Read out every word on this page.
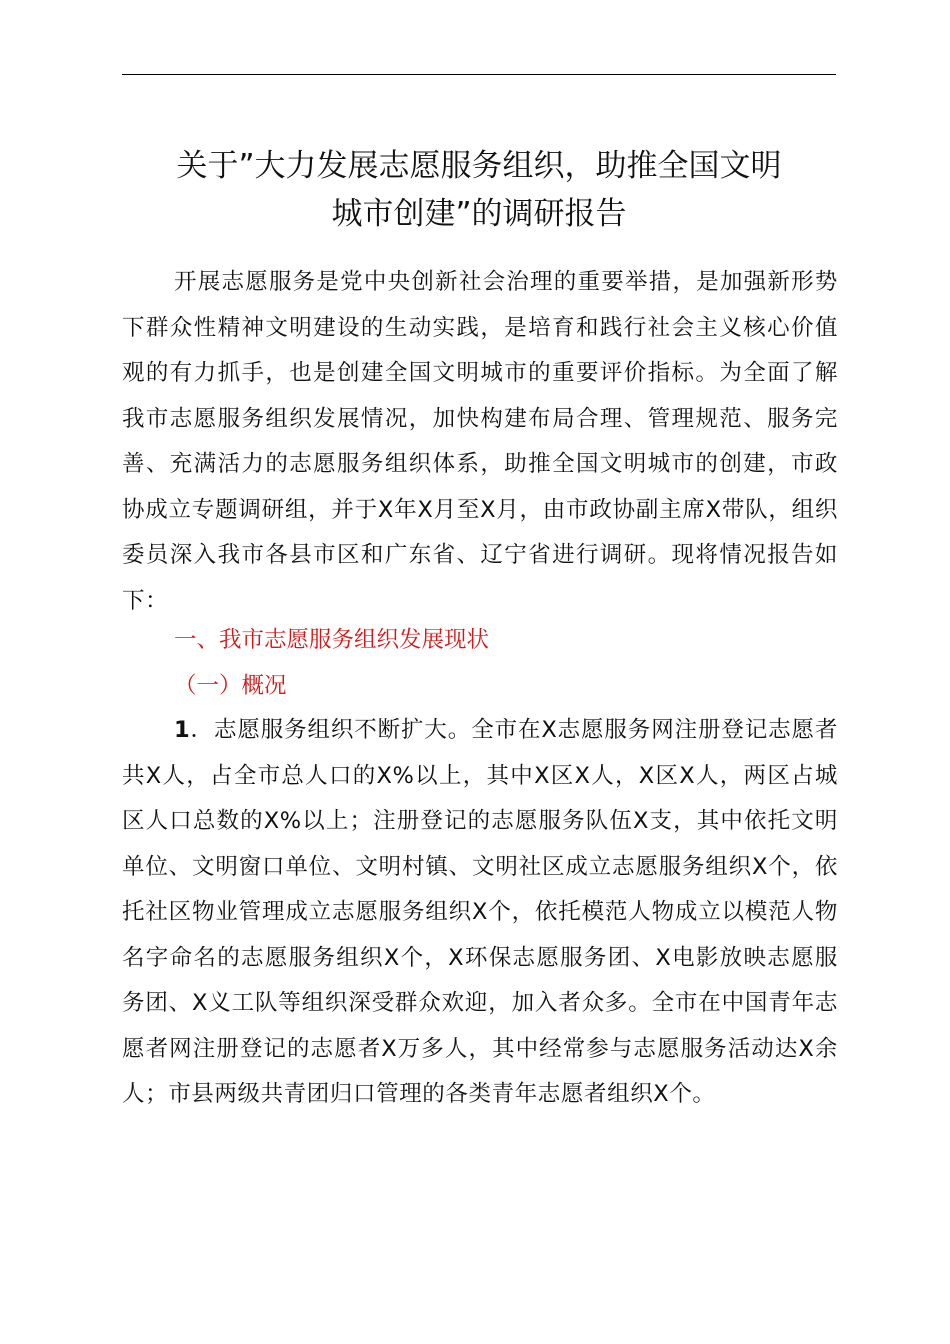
关于”大力发展志愿服务组织，助推全国文明
城市创建”的调研报告

开展志愿服务是党中央创新社会治理的重要举措，是加强新形势下群众性精神文明建设的生动实践，是培育和践行社会主义核心价值观的有力抓手，也是创建全国文明城市的重要评价指标。为全面了解我市志愿服务组织发展情况，加快构建布局合理、管理规范、服务完善、充满活力的志愿服务组织体系，助推全国文明城市的创建，市政协成立专题调研组，并于X年X月至X月，由市政协副主席X带队，组织委员深入我市各县市区和广东省、辽宁省进行调研。现将情况报告如下：

一、我市志愿服务组织发展现状

（一）概况

1．志愿服务组织不断扩大。全市在X志愿服务网注册登记志愿者共X人，占全市总人口的X%以上，其中X区X人，X区X人，两区占城区人口总数的X%以上；注册登记的志愿服务队伍X支，其中依托文明单位、文明窗口单位、文明村镇、文明社区成立志愿服务组织X个，依托社区物业管理成立志愿服务组织X个，依托模范人物成立以模范人物名字命名的志愿服务组织X个，X环保志愿服务团、X电影放映志愿服务团、X义工队等组织深受群众欢迎，加入者众多。全市在中国青年志愿者网注册登记的志愿者X万多人，其中经常参与志愿服务活动达X余人；市县两级共青团归口管理的各类青年志愿者组织X个。
